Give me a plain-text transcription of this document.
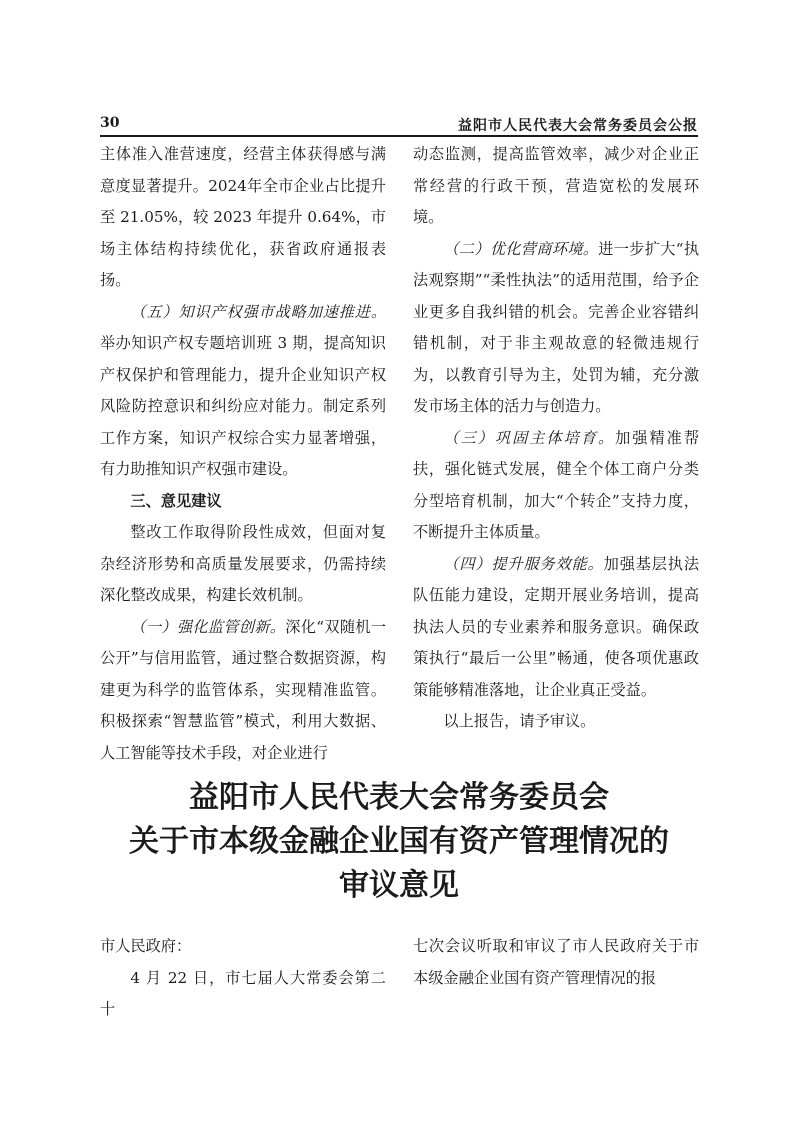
30	益阳市人民代表大会常务委员会公报

主体准入准营速度，经营主体获得感与满意度显著提升。2024年全市企业占比提升至 21.05%，较 2023 年提升 0.64%，市场主体结构持续优化，获省政府通报表扬。

（五）知识产权强市战略加速推进。举办知识产权专题培训班 3 期，提高知识产权保护和管理能力，提升企业知识产权风险防控意识和纠纷应对能力。制定系列工作方案，知识产权综合实力显著增强，有力助推知识产权强市建设。

三、意见建议

整改工作取得阶段性成效，但面对复杂经济形势和高质量发展要求，仍需持续深化整改成果，构建长效机制。

（一）强化监管创新。深化“双随机一公开”与信用监管，通过整合数据资源，构建更为科学的监管体系，实现精准监管。积极探索“智慧监管”模式，利用大数据、人工智能等技术手段，对企业进行

动态监测，提高监管效率，减少对企业正常经营的行政干预，营造宽松的发展环境。

（二）优化营商环境。进一步扩大“执法观察期”“柔性执法”的适用范围，给予企业更多自我纠错的机会。完善企业容错纠错机制，对于非主观故意的轻微违规行为，以教育引导为主，处罚为辅，充分激发市场主体的活力与创造力。

（三）巩固主体培育。加强精准帮扶，强化链式发展，健全个体工商户分类分型培育机制，加大“个转企”支持力度，不断提升主体质量。

（四）提升服务效能。加强基层执法队伍能力建设，定期开展业务培训，提高执法人员的专业素养和服务意识。确保政策执行“最后一公里”畅通，使各项优惠政策能够精准落地，让企业真正受益。

以上报告，请予审议。

益阳市人民代表大会常务委员会
关于市本级金融企业国有资产管理情况的
审议意见

市人民政府：

4 月 22 日，市七届人大常委会第二十

七次会议听取和审议了市人民政府关于市本级金融企业国有资产管理情况的报
